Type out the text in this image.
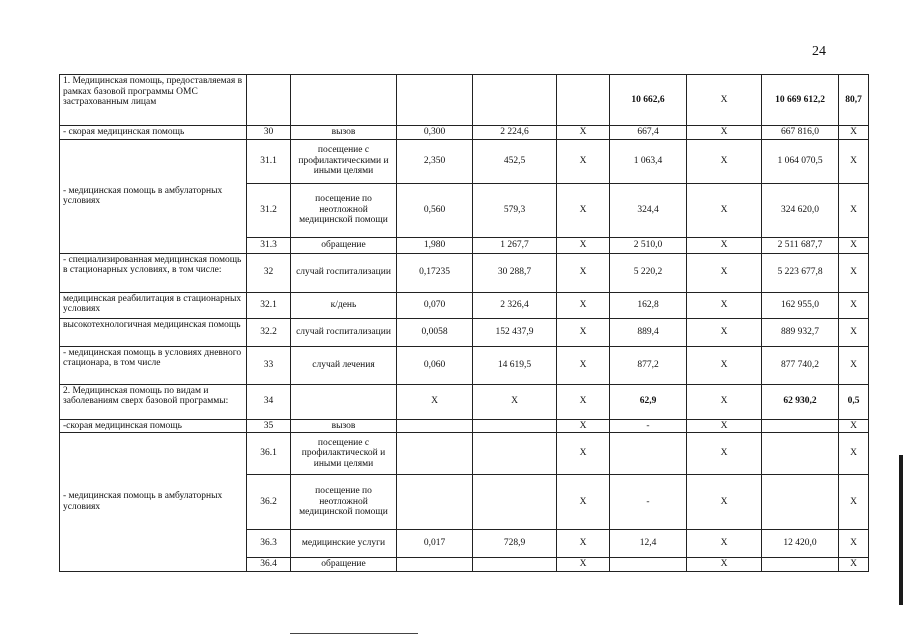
24
1. Медицинская помощь, предоставляемая в рамках базовой программы ОМС застрахованным лицам						10 662,6	Х	10 669 612,2	80,7
- скорая медицинская помощь	30	вызов	0,300	2 224,6	Х	667,4	Х	667 816,0	Х
- медицинская помощь в амбулаторных условиях	31.1	посещение с профилактическими и иными целями	2,350	452,5	Х	1 063,4	Х	1 064 070,5	Х
	31.2	посещение по неотложной медицинской помощи	0,560	579,3	Х	324,4	Х	324 620,0	Х
	31.3	обращение	1,980	1 267,7	Х	2 510,0	Х	2 511 687,7	Х
- специализированная медицинская помощь в стационарных условиях, в том числе:	32	случай госпитализации	0,17235	30 288,7	Х	5 220,2	Х	5 223 677,8	Х
медицинская реабилитация в стационарных условиях	32.1	к/день	0,070	2 326,4	Х	162,8	Х	162 955,0	Х
высокотехнологичная медицинская помощь	32.2	случай госпитализации	0,0058	152 437,9	Х	889,4	Х	889 932,7	Х
- медицинская помощь в условиях дневного стационара, в том числе	33	случай лечения	0,060	14 619,5	Х	877,2	Х	877 740,2	Х
2. Медицинская помощь по видам и заболеваниям сверх базовой программы:	34		Х	Х	Х	62,9	Х	62 930,2	0,5
-скорая медицинская помощь	35	вызов			Х	-	Х		Х
- медицинская помощь в амбулаторных условиях	36.1	посещение с профилактической и иными целями			Х		Х		Х
	36.2	посещение по неотложной медицинской помощи			Х	-	Х		Х
	36.3	медицинские услуги	0,017	728,9	Х	12,4	Х	12 420,0	Х
	36.4	обращение			Х		Х		Х
